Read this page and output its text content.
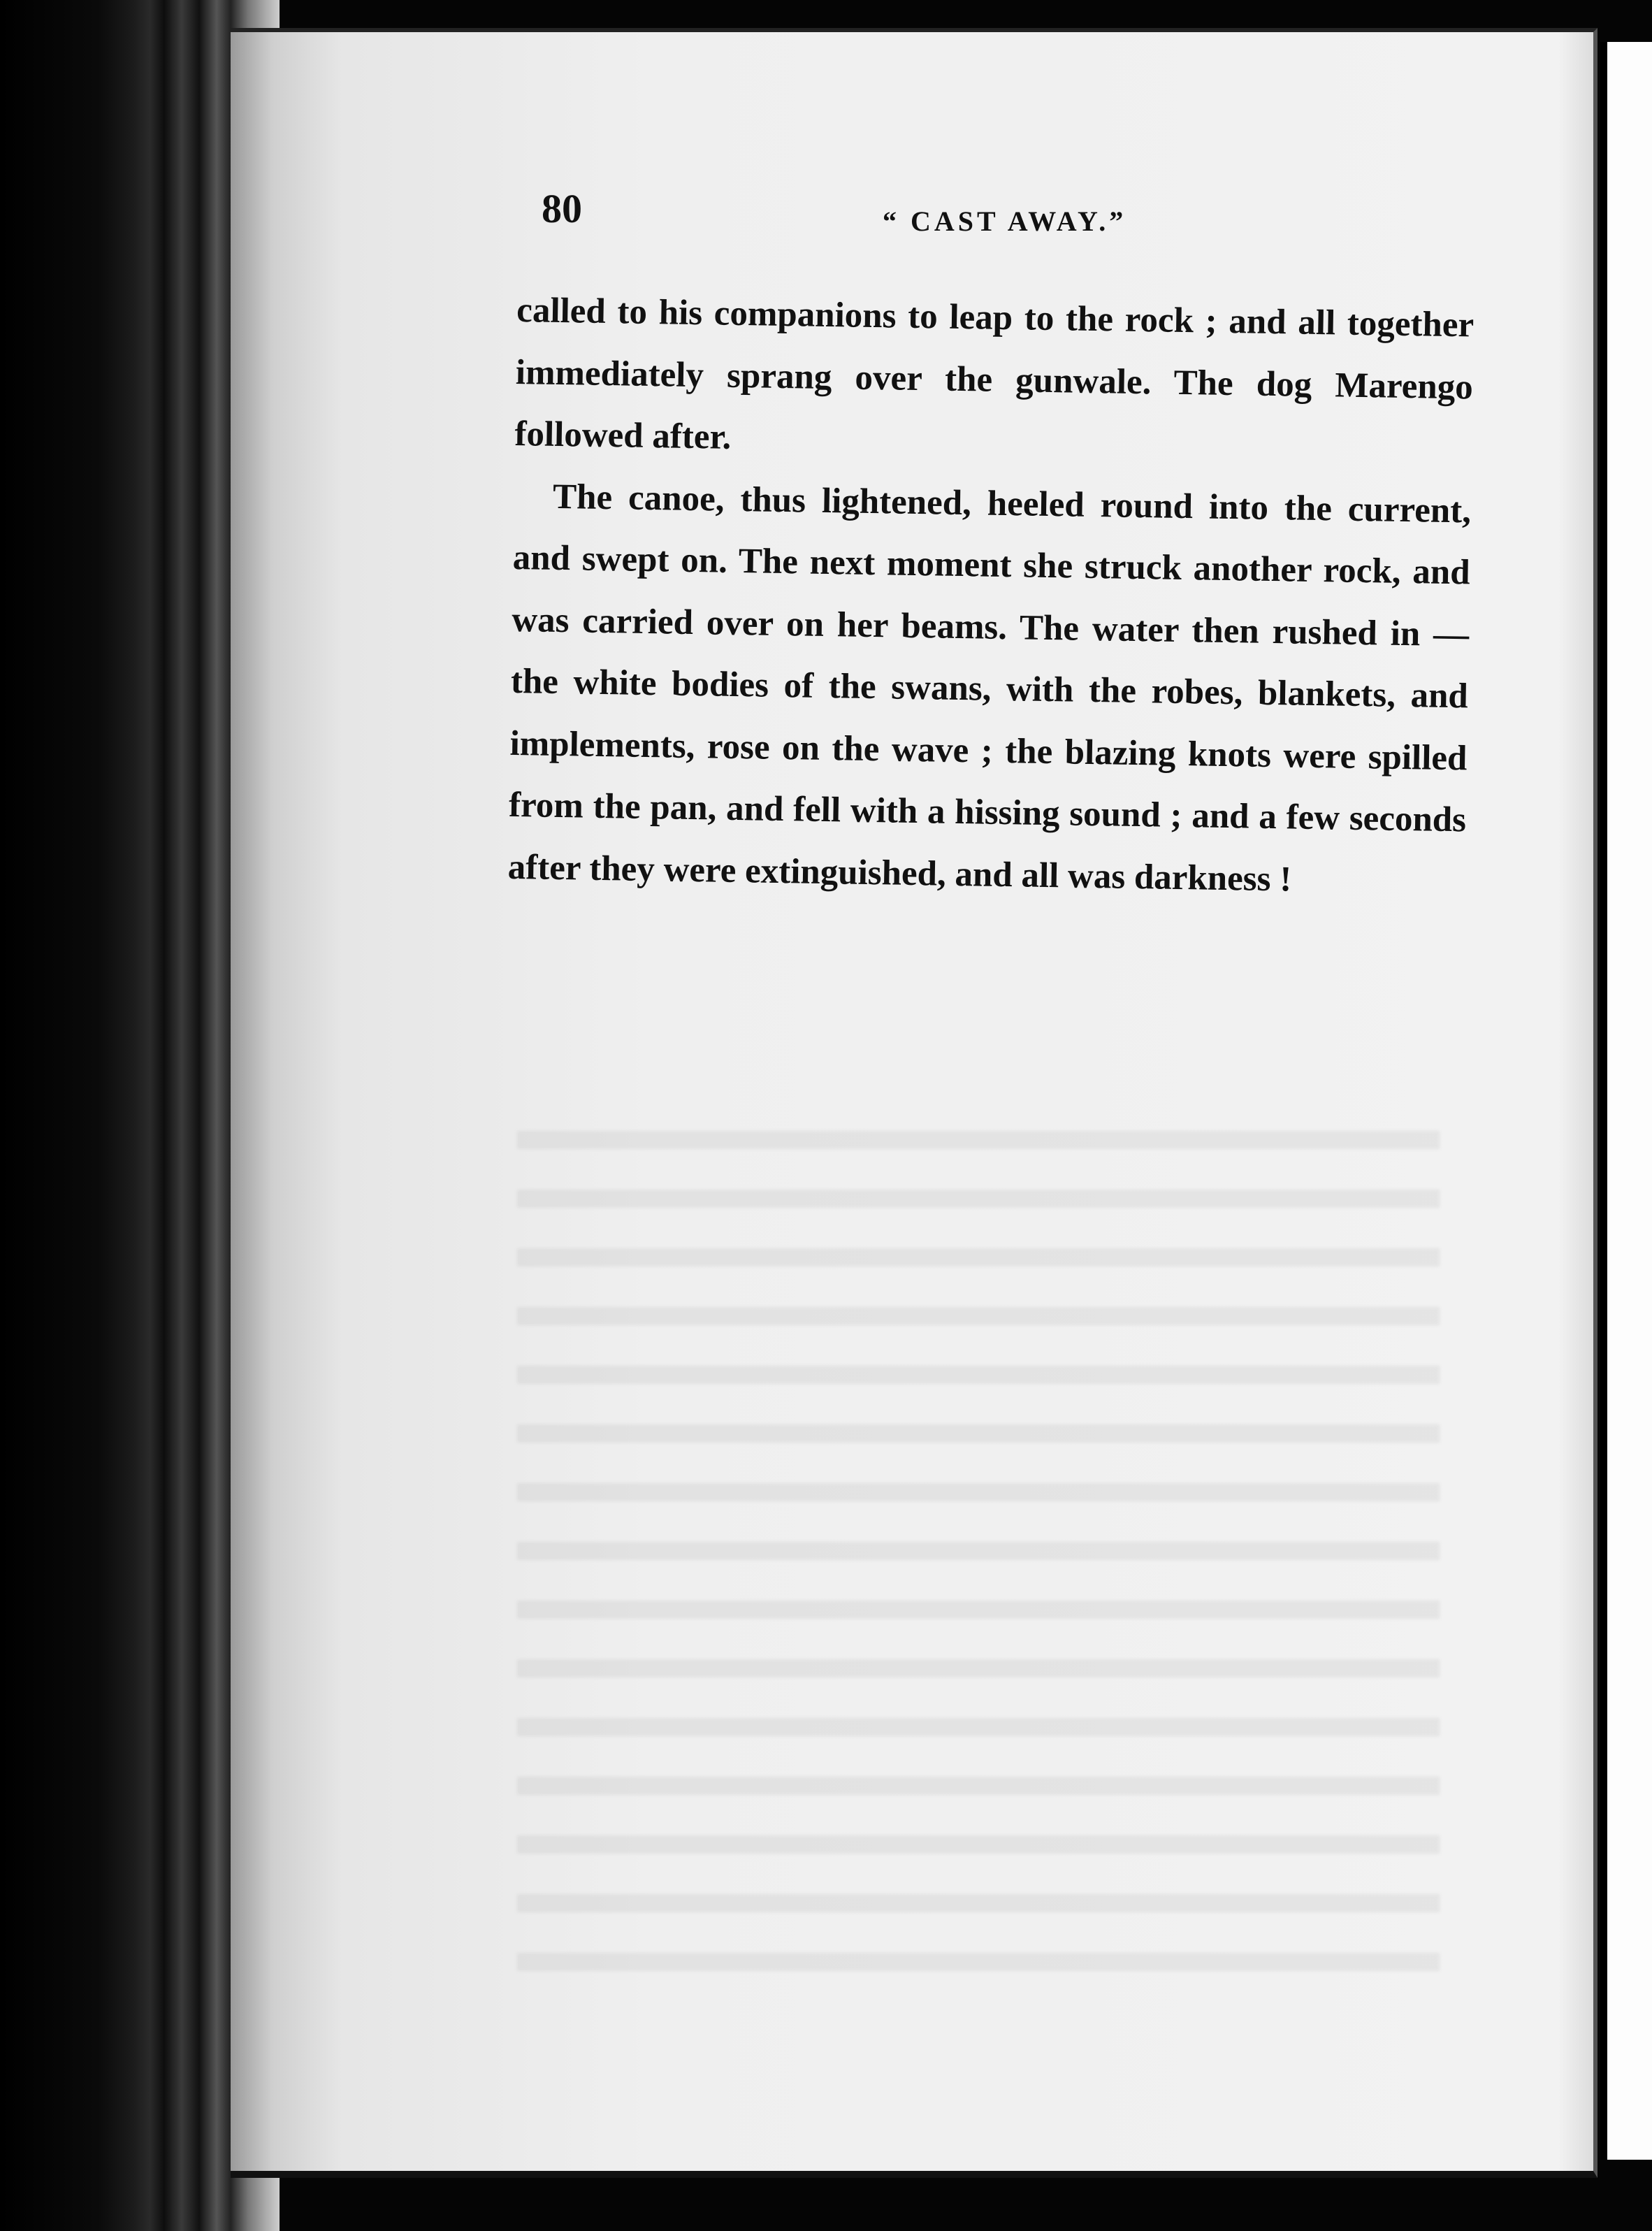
80	“ CAST AWAY.”

called to his companions to leap to the rock ; and all together immediately sprang over the gunwale. The dog Marengo followed after.

The canoe, thus lightened, heeled round into the current, and swept on. The next moment she struck another rock, and was carried over on her beams. The water then rushed in — the white bodies of the swans, with the robes, blankets, and implements, rose on the wave ; the blazing knots were spilled from the pan, and fell with a hissing sound ; and a few seconds after they were extinguished, and all was darkness !
